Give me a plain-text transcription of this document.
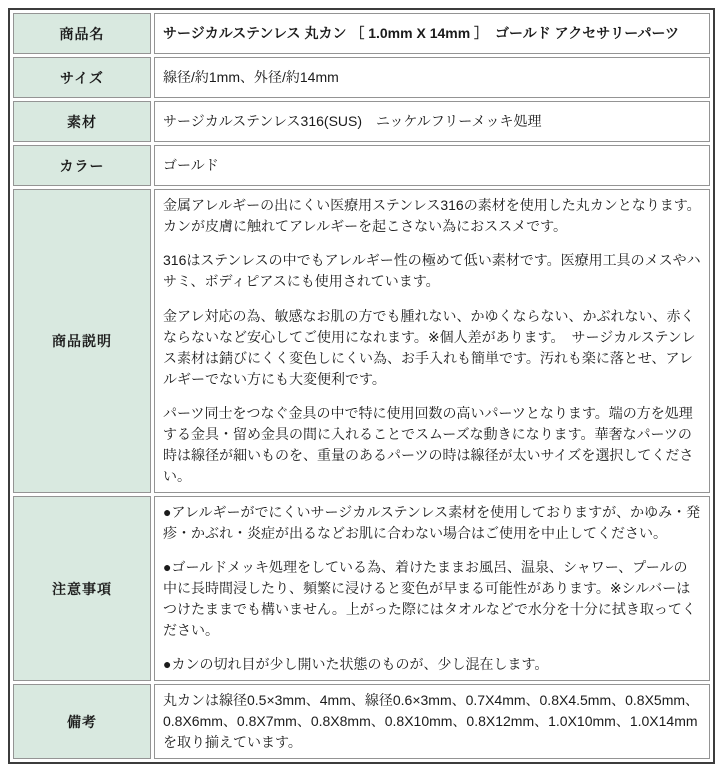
商品名	サージカルステンレス 丸カン ［ 1.0mm X 14mm ］　ゴールド アクセサリーパーツ
サイズ	線径/約1mm、外径/約14mm
素材	サージカルステンレス316(SUS)　ニッケルフリーメッキ処理
カラー	ゴールド
商品説明	金属アレルギーの出にくい医療用ステンレス316の素材を使用した丸カンとなります。カンが皮膚に触れてアレルギーを起こさない為におススメです。

316はステンレスの中でもアレルギー性の極めて低い素材です。医療用工具のメスやハサミ、ボディピアスにも使用されています。

金アレ対応の為、敏感なお肌の方でも腫れない、かゆくならない、かぶれない、赤くならないなど安心してご使用になれます。※個人差があります。　サージカルステンレス素材は錆びにくく変色しにくい為、お手入れも簡単です。汚れも楽に落とせ、アレルギーでない方にも大変便利です。

パーツ同士をつなぐ金具の中で特に使用回数の高いパーツとなります。端の方を処理する金具・留め金具の間に入れることでスムーズな動きになります。華奢なパーツの時は線径が細いものを、重量のあるパーツの時は線径が太いサイズを選択してください。

注意事項	●アレルギーがでにくいサージカルステンレス素材を使用しておりますが、かゆみ・発疹・かぶれ・炎症が出るなどお肌に合わない場合はご使用を中止してください。

●ゴールドメッキ処理をしている為、着けたままお風呂、温泉、シャワー、プールの中に長時間浸したり、頻繁に浸けると変色が早まる可能性があります。※シルバーはつけたままでも構いません。上がった際にはタオルなどで水分を十分に拭き取ってください。

●カンの切れ目が少し開いた状態のものが、少し混在します。

備考	丸カンは線径0.5×3mm、4mm、線径0.6×3mm、0.7X4mm、0.8X4.5mm、0.8X5mm、0.8X6mm、0.8X7mm、0.8X8mm、0.8X10mm、0.8X12mm、1.0X10mm、1.0X14mmを取り揃えています。
